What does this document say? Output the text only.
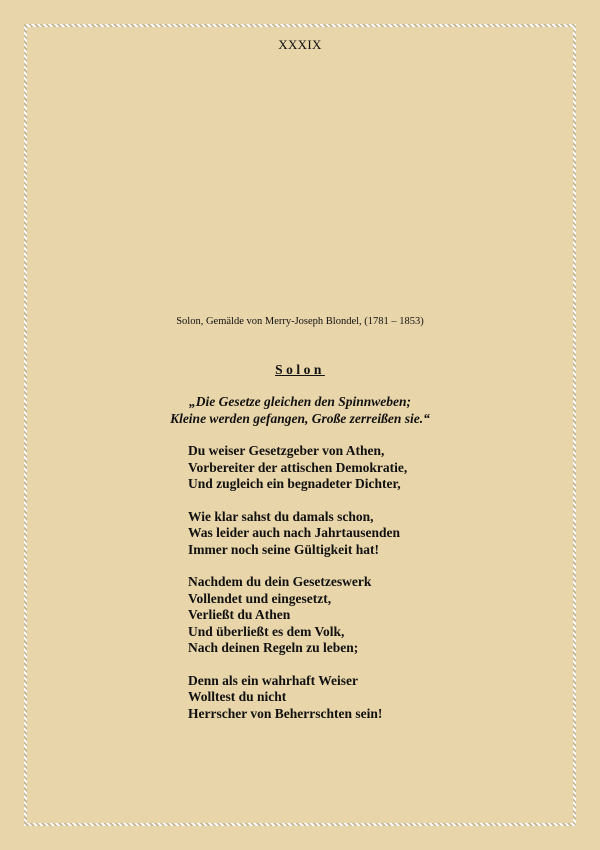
XXXIX
Solon, Gemälde von Merry-Joseph Blondel, (1781 – 1853)
Solon
„Die Gesetze gleichen den Spinnweben;
Kleine werden gefangen, Große zerreißen sie.“
Du weiser Gesetzgeber von Athen,
Vorbereiter der attischen Demokratie,
Und zugleich ein begnadeter Dichter,
Wie klar sahst du damals schon,
Was leider auch nach Jahrtausenden
Immer noch seine Gültigkeit hat!
Nachdem du dein Gesetzeswerk
Vollendet und eingesetzt,
Verließt du Athen
Und überließt es dem Volk,
Nach deinen Regeln zu leben;
Denn als ein wahrhaft Weiser
Wolltest du nicht
Herrscher von Beherrschten sein!
